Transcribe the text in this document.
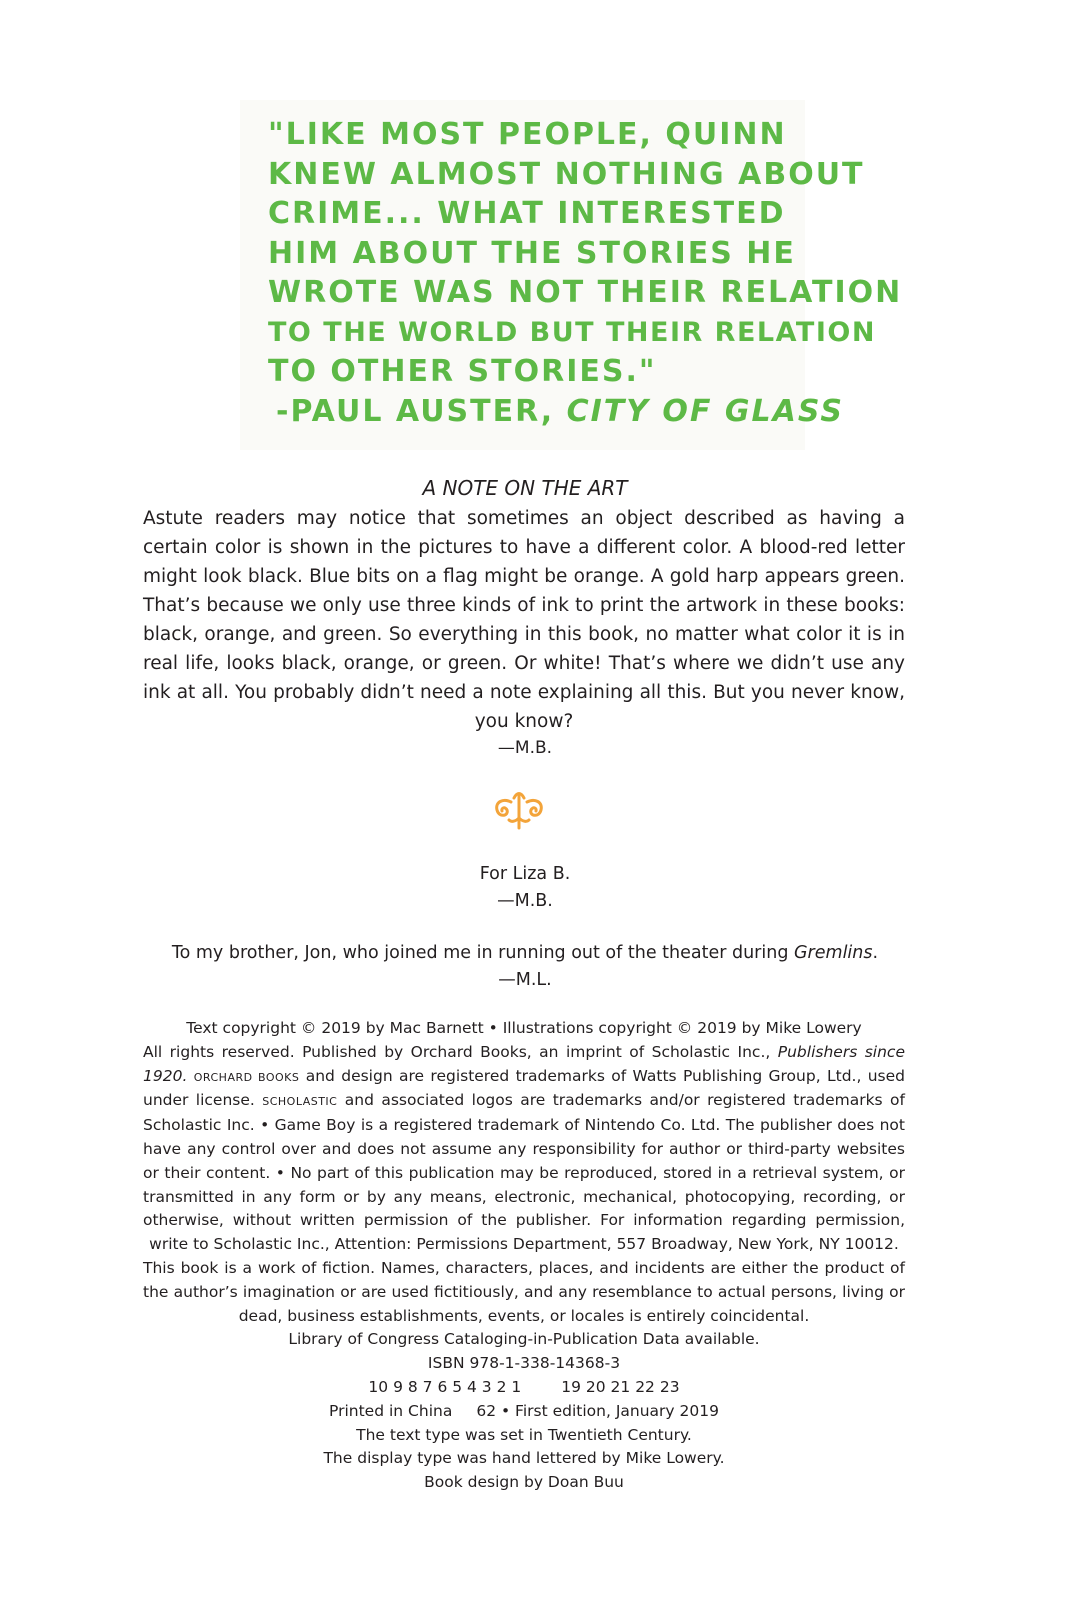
"LIKE MOST PEOPLE, QUINN
KNEW ALMOST NOTHING ABOUT
CRIME... WHAT INTERESTED
HIM ABOUT THE STORIES HE
WROTE WAS NOT THEIR RELATION
TO THE WORLD BUT THEIR RELATION
TO OTHER STORIES."
-PAUL AUSTER, CITY OF GLASS
A NOTE ON THE ART
Astute readers may notice that sometimes an object described as having a certain color is shown in the pictures to have a different color. A blood-red letter might look black. Blue bits on a flag might be orange. A gold harp appears green. That’s because we only use three kinds of ink to print the artwork in these books: black, orange, and green. So everything in this book, no matter what color it is in real life, looks black, orange, or green. Or white! That’s where we didn’t use any ink at all. You probably didn’t need a note explaining all this. But you never know, you know?
—M.B.
For Liza B.
—M.B.
To my brother, Jon, who joined me in running out of the theater during Gremlins.
—M.L.

Text copyright © 2019 by Mac Barnett • Illustrations copyright © 2019 by Mike Lowery

All rights reserved. Published by Orchard Books, an imprint of Scholastic Inc., Publishers since 1920. ORCHARD BOOKS and design are registered trademarks of Watts Publishing Group, Ltd., used under license. SCHOLASTIC and associated logos are trademarks and/or registered trademarks of Scholastic Inc. • Game Boy is a registered trademark of Nintendo Co. Ltd. The publisher does not have any control over and does not assume any responsibility for author or third-party websites or their content. • No part of this publication may be reproduced, stored in a retrieval system, or transmitted in any form or by any means, electronic, mechanical, photocopying, recording, or otherwise, without written permission of the publisher. For information regarding permission, write to Scholastic Inc., Attention: Permissions Department, 557 Broadway, New York, NY 10012.

This book is a work of fiction. Names, characters, places, and incidents are either the product of the author’s imagination or are used fictitiously, and any resemblance to actual persons, living or dead, business establishments, events, or locales is entirely coincidental.

Library of Congress Cataloging-in-Publication Data available.

ISBN 978-1-338-14368-3

10 9 8 7 6 5 4 3 2 1	19 20 21 22 23

Printed in China 62 • First edition, January 2019

The text type was set in Twentieth Century.

The display type was hand lettered by Mike Lowery.

Book design by Doan Buu
